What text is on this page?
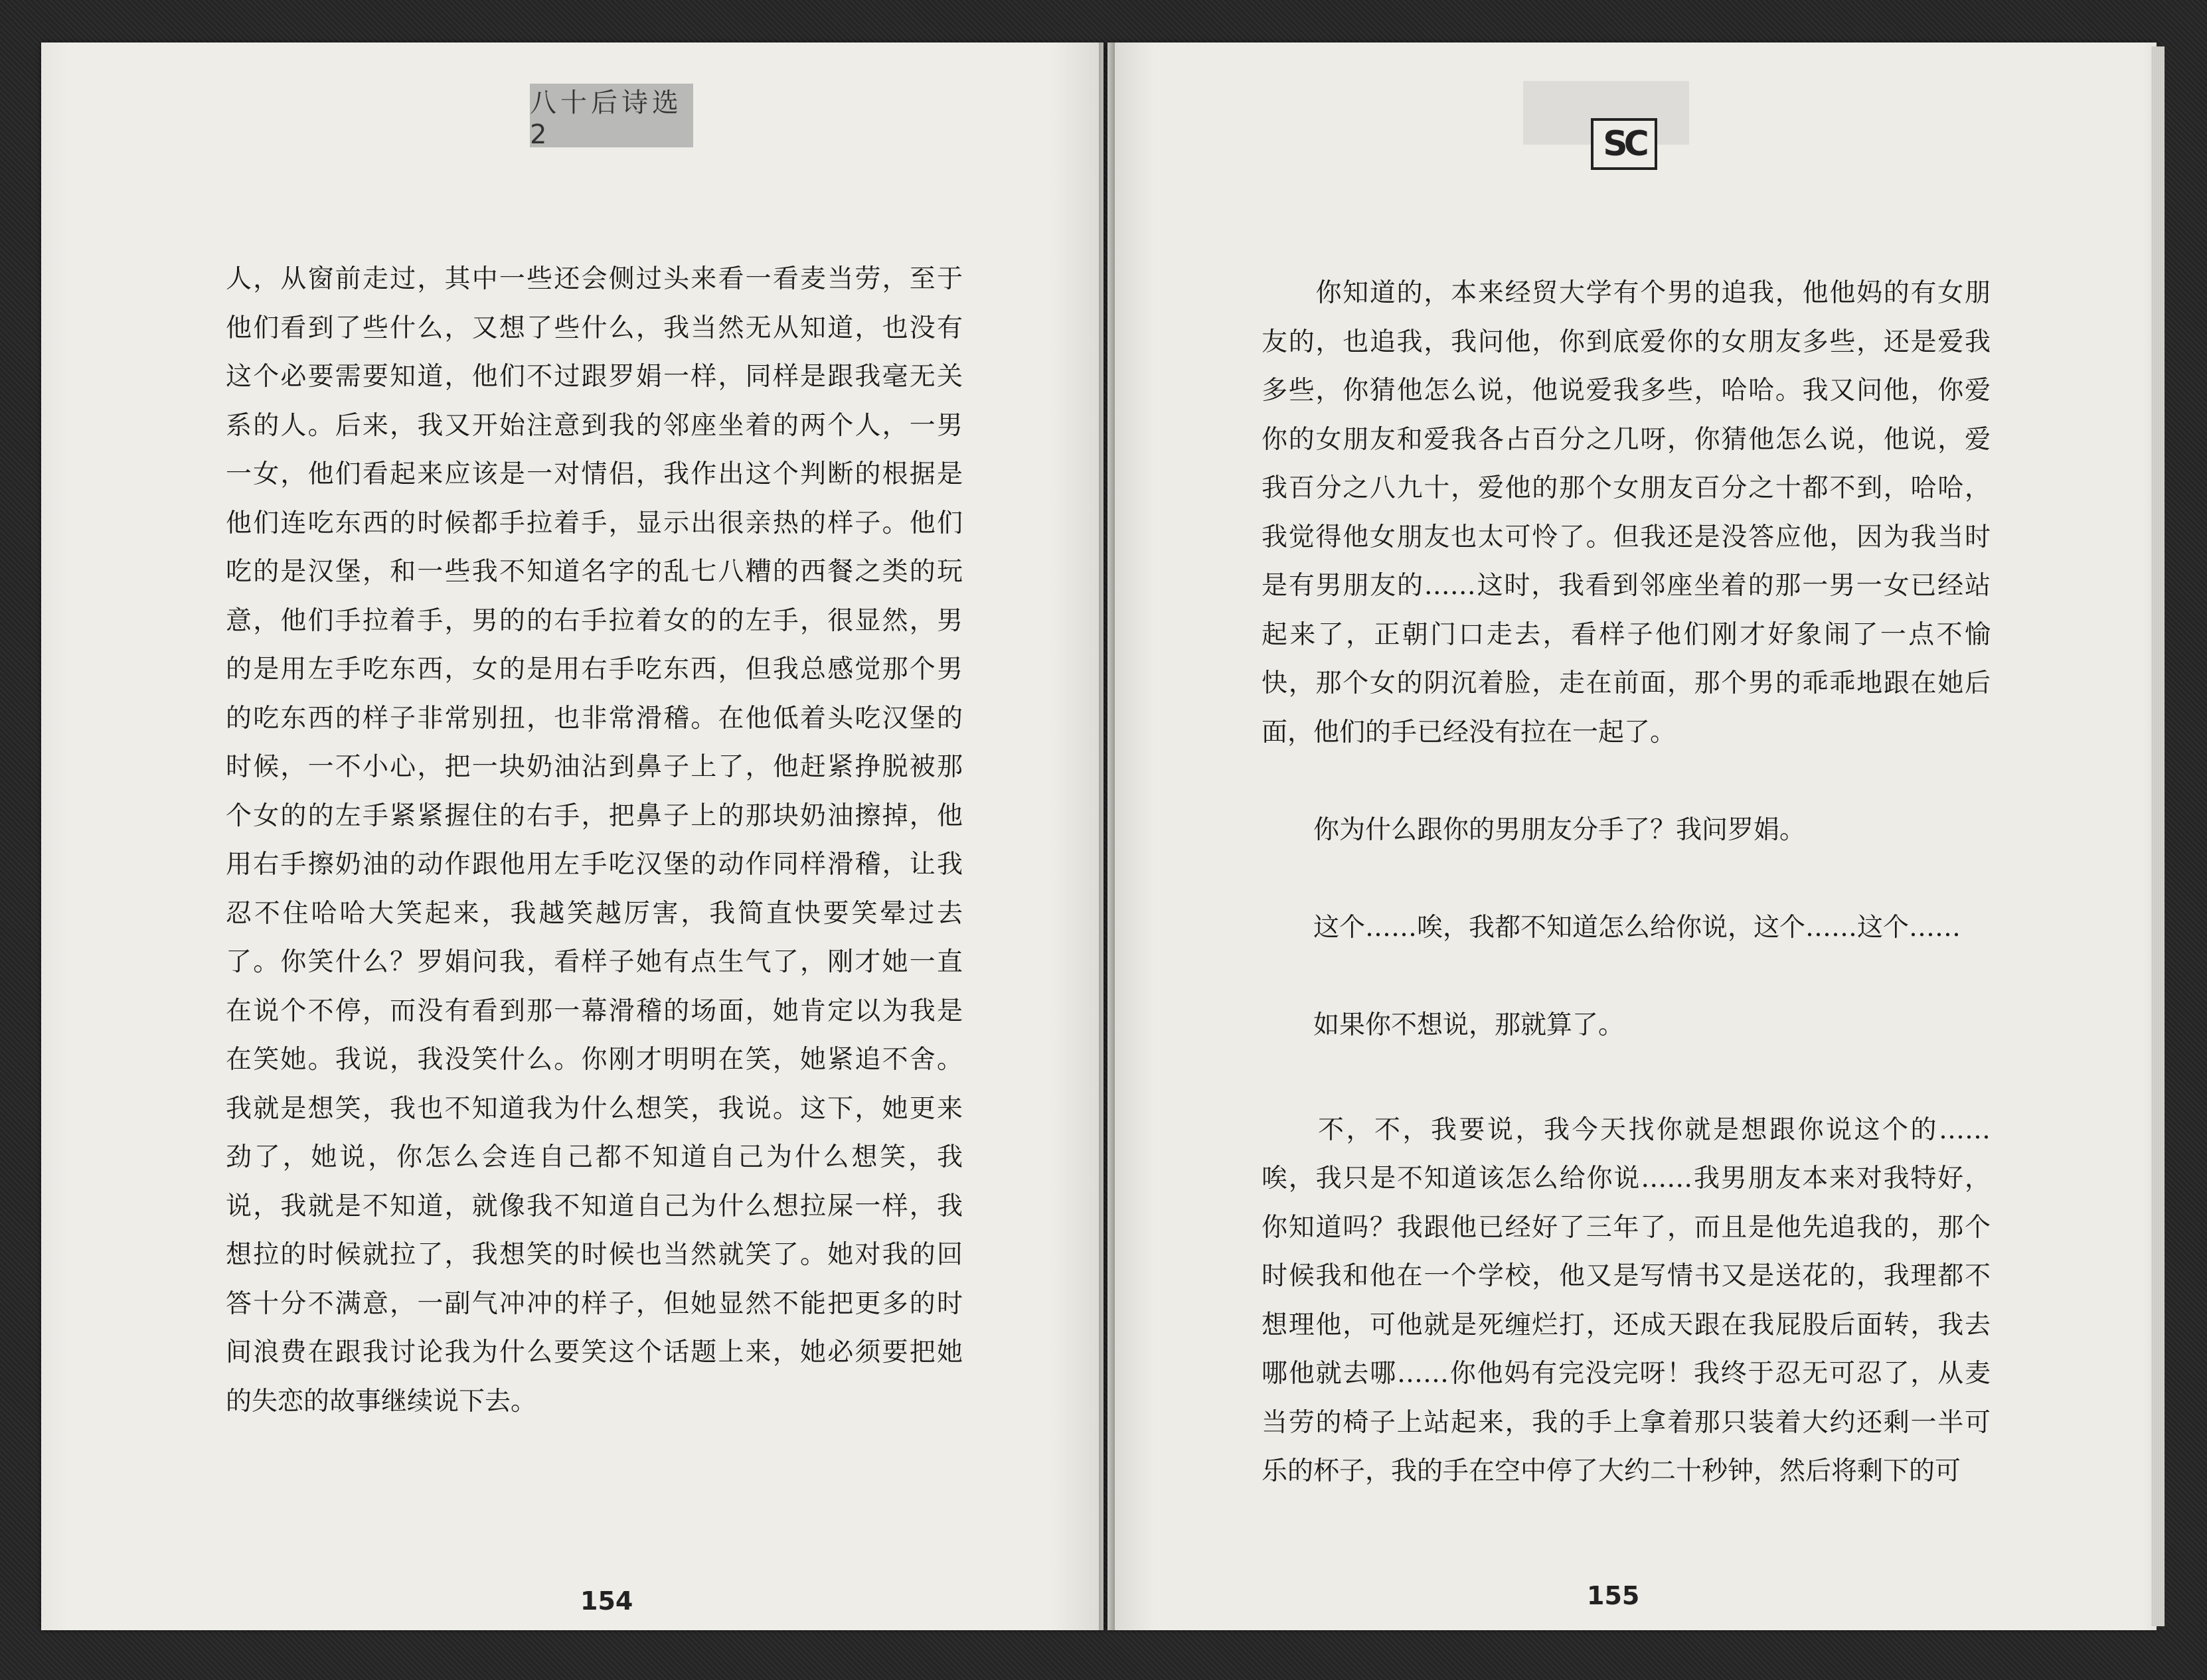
八十后诗选2	SC
人，从窗前走过，其中一些还会侧过头来看一看麦当劳，至于
他们看到了些什么，又想了些什么，我当然无从知道，也没有
这个必要需要知道，他们不过跟罗娟一样，同样是跟我毫无关
系的人。后来，我又开始注意到我的邻座坐着的两个人，一男
一女，他们看起来应该是一对情侣，我作出这个判断的根据是
他们连吃东西的时候都手拉着手，显示出很亲热的样子。他们
吃的是汉堡，和一些我不知道名字的乱七八糟的西餐之类的玩
意，他们手拉着手，男的的右手拉着女的的左手，很显然，男
的是用左手吃东西，女的是用右手吃东西，但我总感觉那个男
的吃东西的样子非常别扭，也非常滑稽。在他低着头吃汉堡的
时候，一不小心，把一块奶油沾到鼻子上了，他赶紧挣脱被那
个女的的左手紧紧握住的右手，把鼻子上的那块奶油擦掉，他
用右手擦奶油的动作跟他用左手吃汉堡的动作同样滑稽，让我
忍不住哈哈大笑起来，我越笑越厉害，我简直快要笑晕过去
了。你笑什么？罗娟问我，看样子她有点生气了，刚才她一直
在说个不停，而没有看到那一幕滑稽的场面，她肯定以为我是
在笑她。我说，我没笑什么。你刚才明明在笑，她紧追不舍。
我就是想笑，我也不知道我为什么想笑，我说。这下，她更来
劲了，她说，你怎么会连自己都不知道自己为什么想笑，我
说，我就是不知道，就像我不知道自己为什么想拉屎一样，我
想拉的时候就拉了，我想笑的时候也当然就笑了。她对我的回
答十分不满意，一副气冲冲的样子，但她显然不能把更多的时
间浪费在跟我讨论我为什么要笑这个话题上来，她必须要把她
的失恋的故事继续说下去。
　　你知道的，本来经贸大学有个男的追我，他他妈的有女朋
友的，也追我，我问他，你到底爱你的女朋友多些，还是爱我
多些，你猜他怎么说，他说爱我多些，哈哈。我又问他，你爱
你的女朋友和爱我各占百分之几呀，你猜他怎么说，他说，爱
我百分之八九十，爱他的那个女朋友百分之十都不到，哈哈，
我觉得他女朋友也太可怜了。但我还是没答应他，因为我当时
是有男朋友的……这时，我看到邻座坐着的那一男一女已经站
起来了，正朝门口走去，看样子他们刚才好象闹了一点不愉
快，那个女的阴沉着脸，走在前面，那个男的乖乖地跟在她后
面，他们的手已经没有拉在一起了。
　　你为什么跟你的男朋友分手了？我问罗娟。
　　这个……唉，我都不知道怎么给你说，这个……这个……
　　如果你不想说，那就算了。
　　不，不，我要说，我今天找你就是想跟你说这个的……
唉，我只是不知道该怎么给你说……我男朋友本来对我特好，
你知道吗？我跟他已经好了三年了，而且是他先追我的，那个
时候我和他在一个学校，他又是写情书又是送花的，我理都不
想理他，可他就是死缠烂打，还成天跟在我屁股后面转，我去
哪他就去哪……你他妈有完没完呀！我终于忍无可忍了，从麦
当劳的椅子上站起来，我的手上拿着那只装着大约还剩一半可
乐的杯子，我的手在空中停了大约二十秒钟，然后将剩下的可
154	155
